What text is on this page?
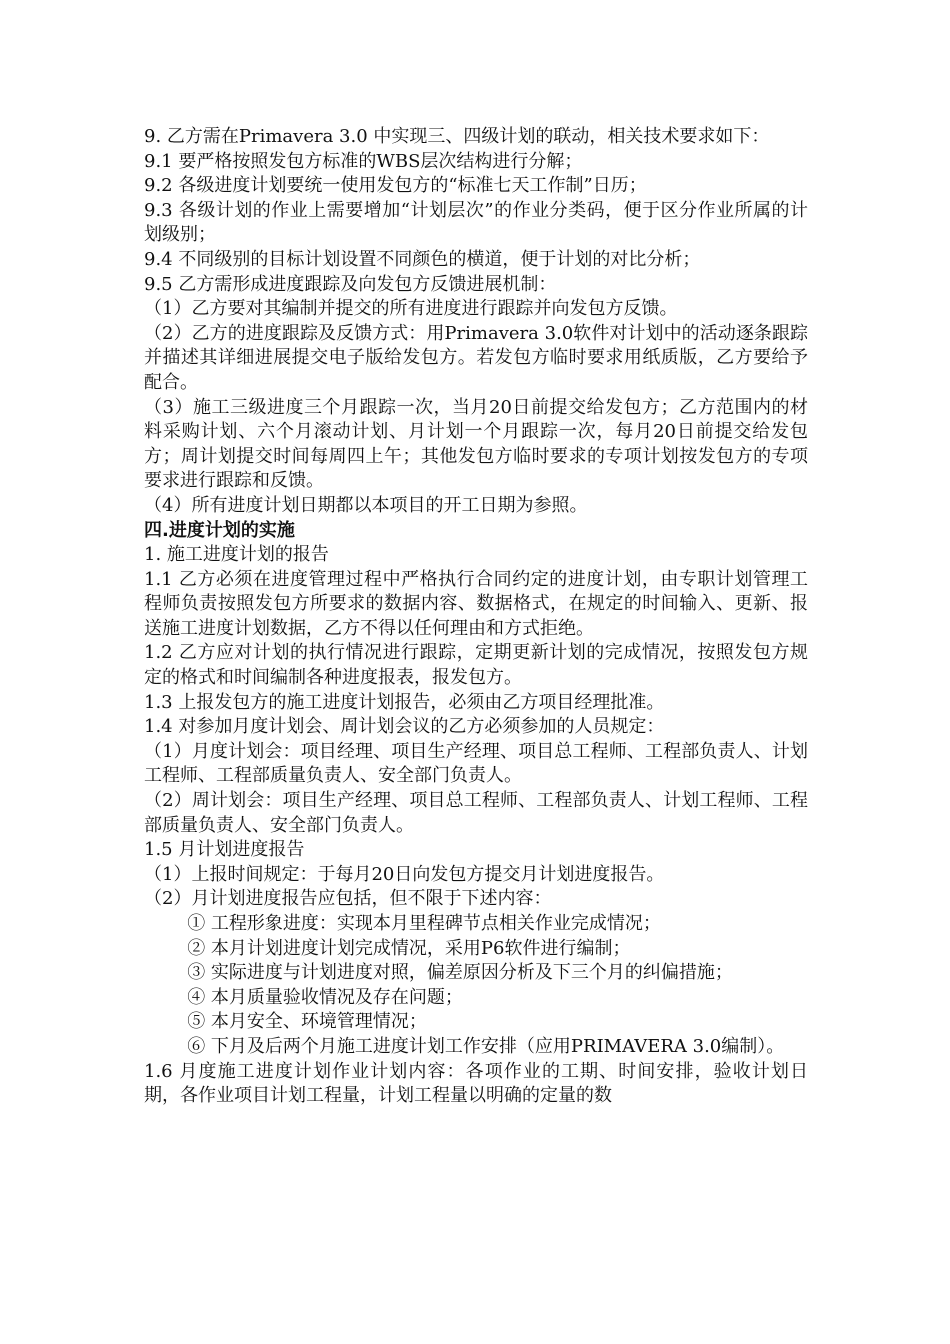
9. 乙方需在Primavera 3.0 中实现三、四级计划的联动，相关技术要求如下：

9.1 要严格按照发包方标准的WBS层次结构进行分解；

9.2 各级进度计划要统一使用发包方的“标准七天工作制”日历；

9.3 各级计划的作业上需要增加“计划层次”的作业分类码，便于区分作业所属的计划级别；

9.4 不同级别的目标计划设置不同颜色的横道，便于计划的对比分析；

9.5 乙方需形成进度跟踪及向发包方反馈进展机制：

（1）乙方要对其编制并提交的所有进度进行跟踪并向发包方反馈。

（2）乙方的进度跟踪及反馈方式：用Primavera 3.0软件对计划中的活动逐条跟踪并描述其详细进展提交电子版给发包方。若发包方临时要求用纸质版，乙方要给予配合。

（3）施工三级进度三个月跟踪一次，当月20日前提交给发包方；乙方范围内的材料采购计划、六个月滚动计划、月计划一个月跟踪一次，每月20日前提交给发包方；周计划提交时间每周四上午；其他发包方临时要求的专项计划按发包方的专项要求进行跟踪和反馈。

（4）所有进度计划日期都以本项目的开工日期为参照。

四.进度计划的实施

1. 施工进度计划的报告

1.1 乙方必须在进度管理过程中严格执行合同约定的进度计划，由专职计划管理工程师负责按照发包方所要求的数据内容、数据格式，在规定的时间输入、更新、报送施工进度计划数据，乙方不得以任何理由和方式拒绝。

1.2 乙方应对计划的执行情况进行跟踪，定期更新计划的完成情况，按照发包方规定的格式和时间编制各种进度报表，报发包方。

1.3 上报发包方的施工进度计划报告，必须由乙方项目经理批准。

1.4 对参加月度计划会、周计划会议的乙方必须参加的人员规定：

（1）月度计划会：项目经理、项目生产经理、项目总工程师、工程部负责人、计划工程师、工程部质量负责人、安全部门负责人。

（2）周计划会：项目生产经理、项目总工程师、工程部负责人、计划工程师、工程部质量负责人、安全部门负责人。

1.5 月计划进度报告

（1）上报时间规定：于每月20日向发包方提交月计划进度报告。

（2）月计划进度报告应包括，但不限于下述内容：

① 工程形象进度：实现本月里程碑节点相关作业完成情况；

② 本月计划进度计划完成情况，采用P6软件进行编制；

③ 实际进度与计划进度对照，偏差原因分析及下三个月的纠偏措施；

④ 本月质量验收情况及存在问题；

⑤ 本月安全、环境管理情况；

⑥ 下月及后两个月施工进度计划工作安排（应用PRIMAVERA 3.0编制）。

1.6 月度施工进度计划作业计划内容：各项作业的工期、时间安排，验收计划日期，各作业项目计划工程量，计划工程量以明确的定量的数
